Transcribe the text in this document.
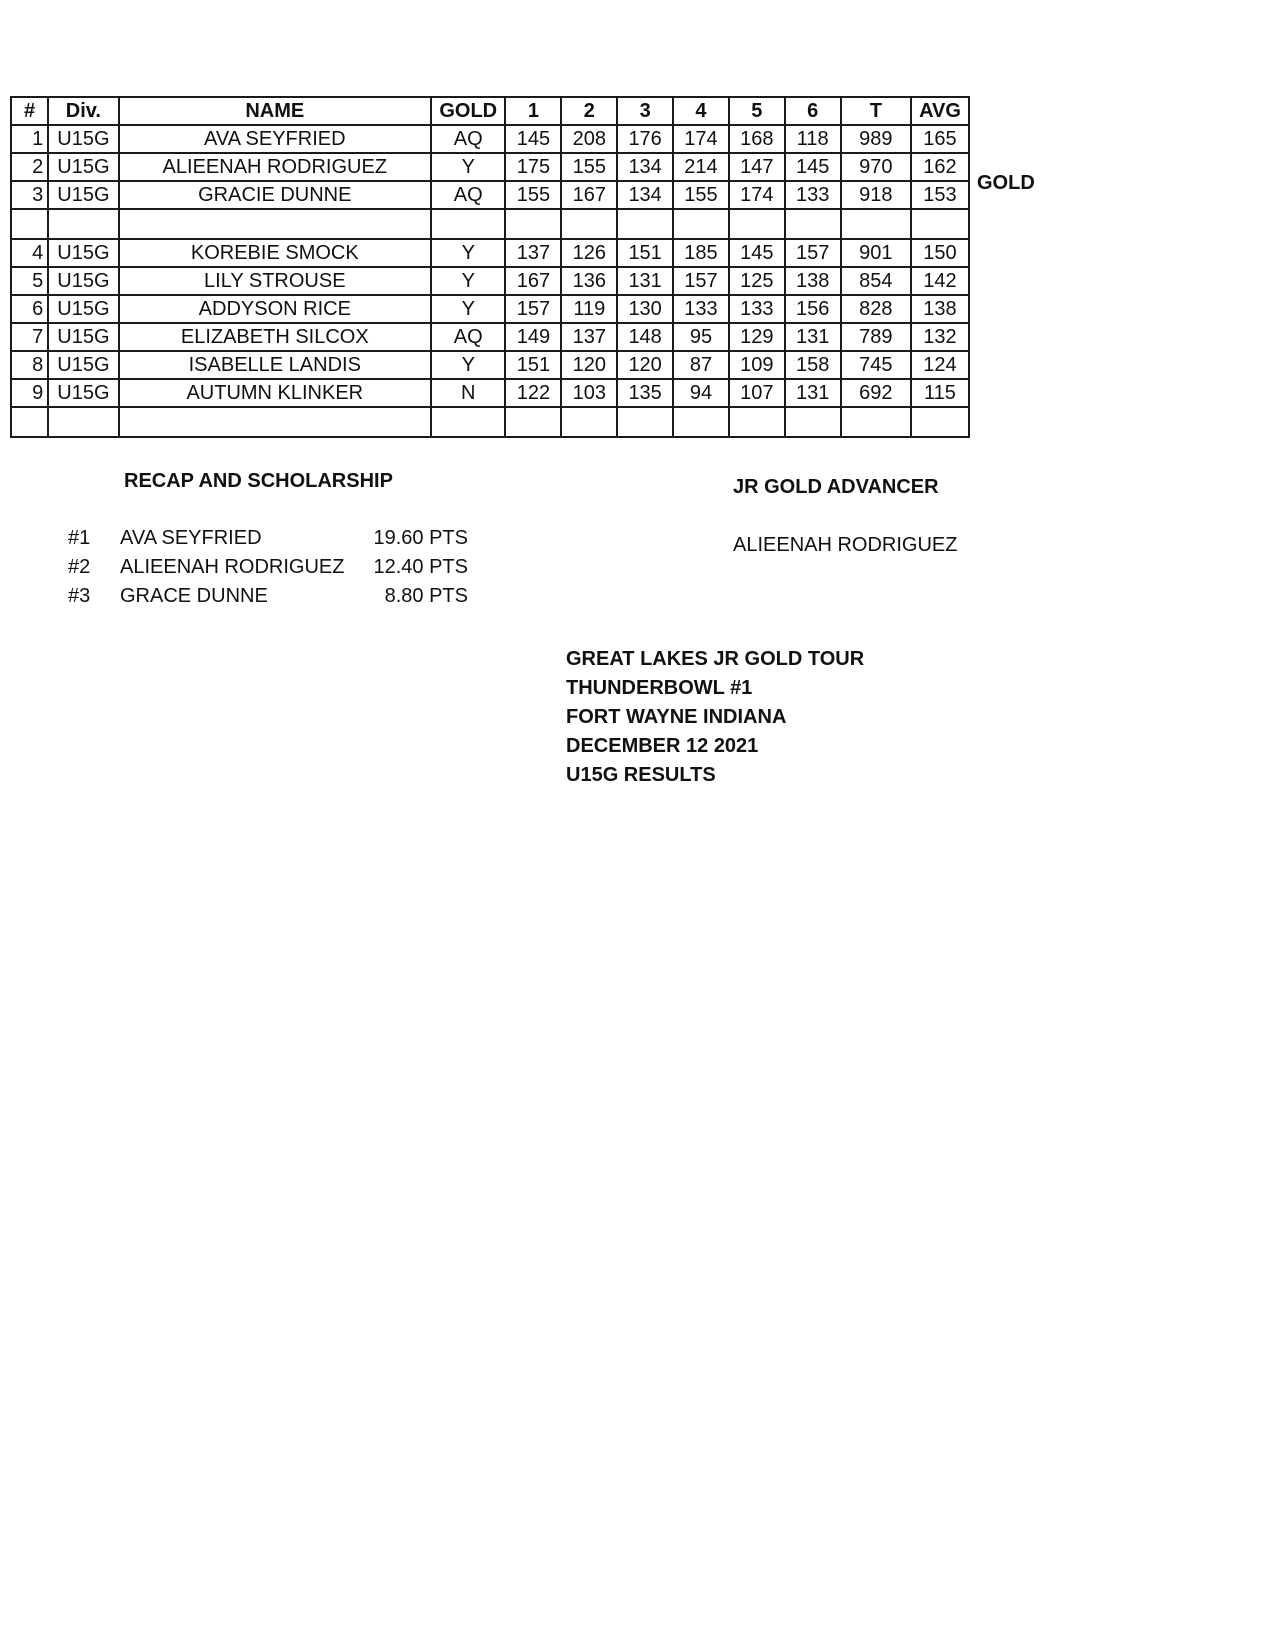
#	Div.	NAME	GOLD	1	2	3	4	5	6	T	AVG
1	U15G	AVA SEYFRIED	AQ	145	208	176	174	168	118	989	165
2	U15G	ALIEENAH RODRIGUEZ	Y	175	155	134	214	147	145	970	162
3	U15G	GRACIE DUNNE	AQ	155	167	134	155	174	133	918	153

4	U15G	KOREBIE SMOCK	Y	137	126	151	185	145	157	901	150
5	U15G	LILY STROUSE	Y	167	136	131	157	125	138	854	142
6	U15G	ADDYSON RICE	Y	157	119	130	133	133	156	828	138
7	U15G	ELIZABETH SILCOX	AQ	149	137	148	95	129	131	789	132
8	U15G	ISABELLE LANDIS	Y	151	120	120	87	109	158	745	124
9	U15G	AUTUMN KLINKER	N	122	103	135	94	107	131	692	115

GOLD
RECAP AND SCHOLARSHIP
#1 AVA SEYFRIED	19.60 PTS
#2 ALIEENAH RODRIGUEZ 12.40 PTS
#3 GRACE DUNNE	8.80 PTS
JR GOLD ADVANCER
ALIEENAH RODRIGUEZ
GREAT LAKES JR GOLD TOUR
THUNDERBOWL #1
FORT WAYNE INDIANA
DECEMBER 12 2021
U15G RESULTS
